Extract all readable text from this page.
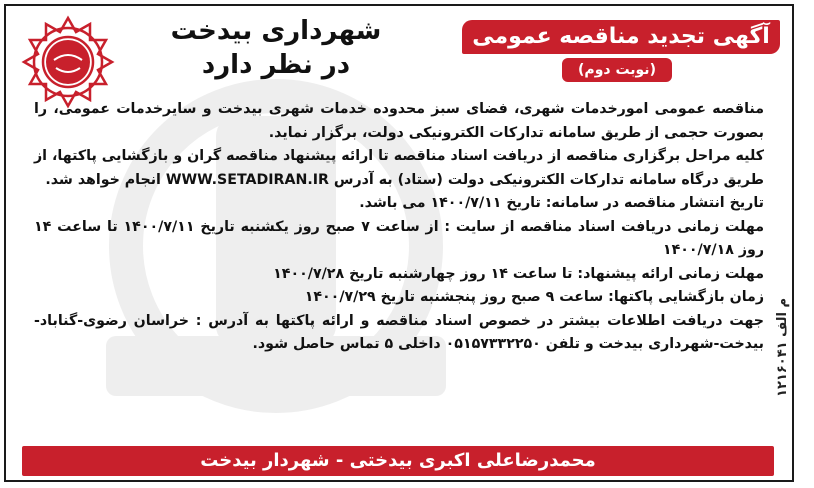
شهرداری بیدخت
در نظر دارد
آگهی تجدید مناقصه عمومی
(نوبت دوم)

مناقصه عمومی امورخدمات شهری، فضای سبز محدوده خدمات شهری بیدخت و سایرخدمات عمومی، را بصورت حجمی از طریق سامانه تدارکات الکترونیکی دولت، برگزار نماید.

کلیه مراحل برگزاری مناقصه از دریافت اسناد مناقصه تا ارائه پیشنهاد مناقصه گران و بازگشایی پاکتها، از طریق درگاه سامانه تدارکات الکترونیکی دولت (ستاد) به آدرس WWW.SETADIRAN.IR انجام خواهد شد.

تاریخ انتشار مناقصه در سامانه: تاریخ ۱۴۰۰/۷/۱۱ می باشد.

مهلت زمانی دریافت اسناد مناقصه از سایت : از ساعت ۷ صبح روز یکشنبه تاریخ ۱۴۰۰/۷/۱۱ تا ساعت ۱۴ روز ۱۴۰۰/۷/۱۸

مهلت زمانی ارائه پیشنهاد: تا ساعت ۱۴ روز چهارشنبه تاریخ ۱۴۰۰/۷/۲۸

زمان بازگشایی پاکتها: ساعت ۹ صبح روز پنجشنبه تاریخ ۱۴۰۰/۷/۲۹

جهت دریافت اطلاعات بیشتر در خصوص اسناد مناقصه و ارائه پاکتها به آدرس : خراسان رضوی-گناباد-بیدخت-شهرداری بیدخت و تلفن ۰۵۱۵۷۳۳۲۲۵۰ داخلی ۵ تماس حاصل شود.

محمدرضاعلی اکبری بیدختی - شهردار بیدخت
م الف ۱۲۱۶۰۴۱
